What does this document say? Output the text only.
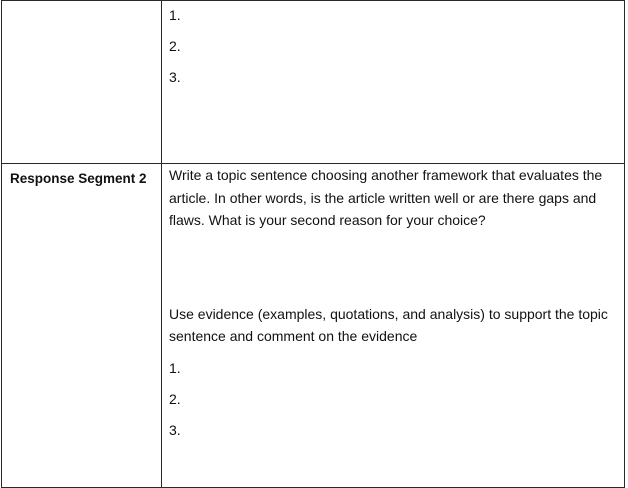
	1.
2.
3.

Response Segment 2	Write a topic sentence choosing another framework that evaluates the article. In other words, is the article written well or are there gaps and flaws. What is your second reason for your choice?
Use evidence (examples, quotations, and analysis) to support the topic sentence and comment on the evidence
1.
2.
3.
